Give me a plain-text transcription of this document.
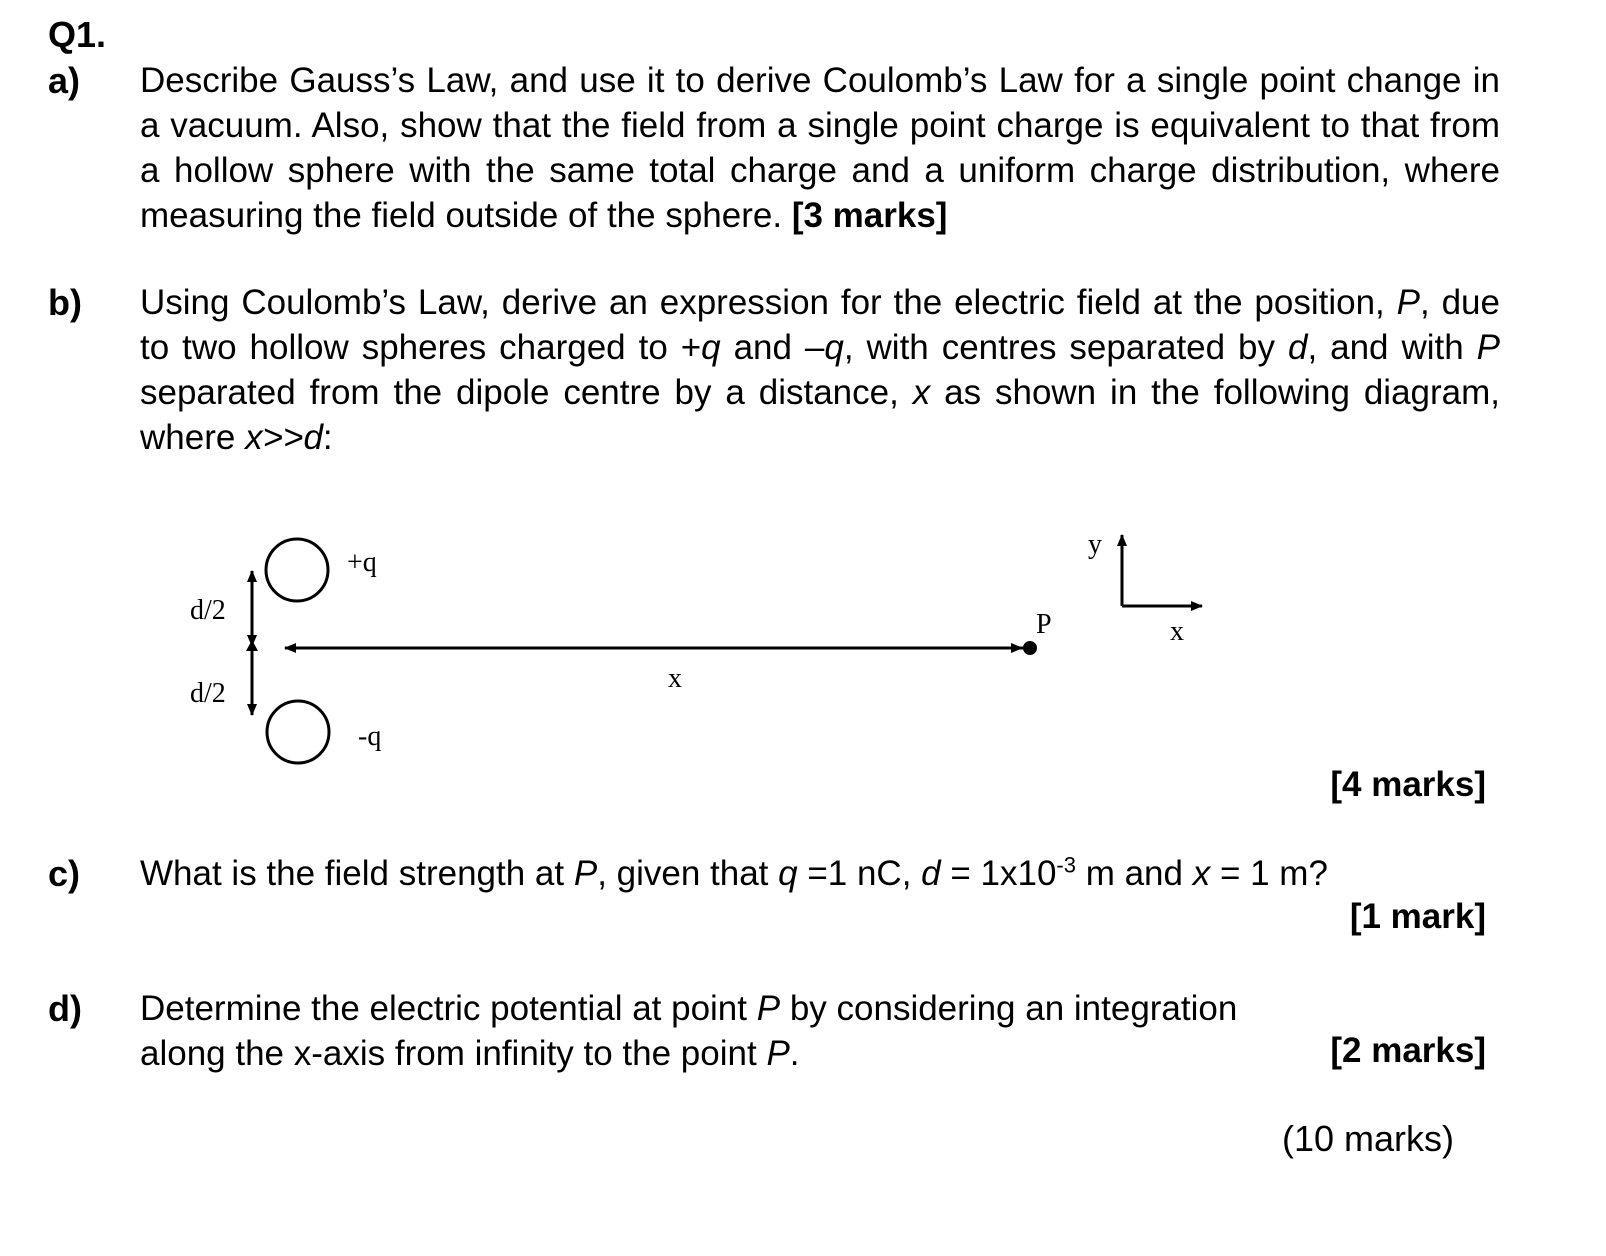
Q1.
a) Describe Gauss’s Law, and use it to derive Coulomb’s Law for a single point change in a vacuum. Also, show that the field from a single point charge is equivalent to that from a hollow sphere with the same total charge and a uniform charge distribution, where measuring the field outside of the sphere. [3 marks]
b) Using Coulomb’s Law, derive an expression for the electric field at the position, P, due to two hollow spheres charged to +q and –q, with centres separated by d, and with P separated from the dipole centre by a distance, x as shown in the following diagram, where x>>d:
+q
-q
d/2
d/2	x
P
y
x
[4 marks]
c) What is the field strength at P, given that q =1 nC, $d = 1x10^{-3}$ m and x = 1 m?
[1 mark]
d) Determine the electric potential at point P by considering an integration along the x-axis from infinity to the point P.	[2 marks]
(10 marks)
